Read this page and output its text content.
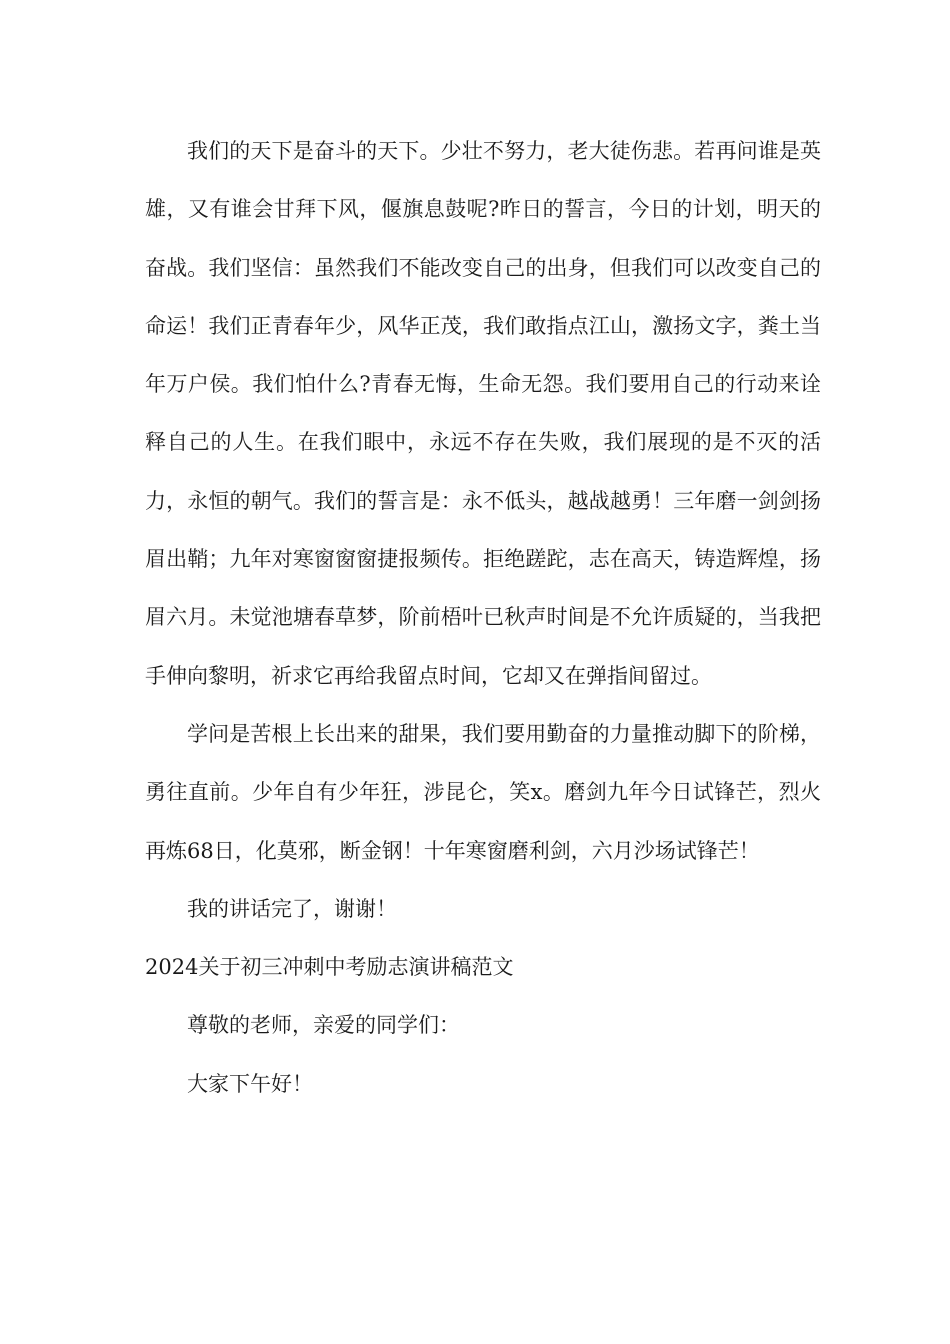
我们的天下是奋斗的天下。少壮不努力，老大徒伤悲。若再问谁是英雄，又有谁会甘拜下风，偃旗息鼓呢?昨日的誓言，今日的计划，明天的奋战。我们坚信：虽然我们不能改变自己的出身，但我们可以改变自己的命运！我们正青春年少，风华正茂，我们敢指点江山，激扬文字，粪土当年万户侯。我们怕什么?青春无悔，生命无怨。我们要用自己的行动来诠释自己的人生。在我们眼中，永远不存在失败，我们展现的是不灭的活力，永恒的朝气。我们的誓言是：永不低头，越战越勇！三年磨一剑剑扬眉出鞘；九年对寒窗窗窗捷报频传。拒绝蹉跎，志在高天，铸造辉煌，扬眉六月。未觉池塘春草梦，阶前梧叶已秋声时间是不允许质疑的，当我把手伸向黎明，祈求它再给我留点时间，它却又在弹指间留过。

学问是苦根上长出来的甜果，我们要用勤奋的力量推动脚下的阶梯，勇往直前。少年自有少年狂，涉昆仑，笑x。磨剑九年今日试锋芒，烈火再炼68日，化莫邪，断金钢！十年寒窗磨利剑，六月沙场试锋芒！

我的讲话完了，谢谢！

2024关于初三冲刺中考励志演讲稿范文

尊敬的老师，亲爱的同学们：

大家下午好！
